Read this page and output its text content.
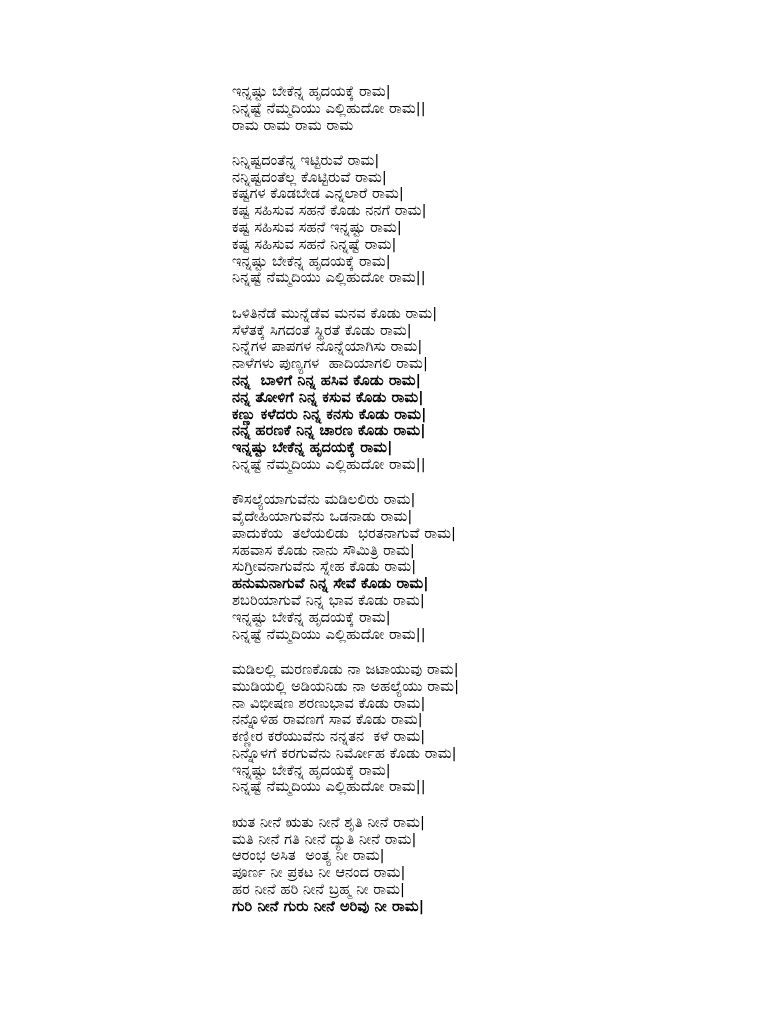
ಇನ್ನಷ್ಟು ಬೇಕೆನ್ನ ಹೃದಯಕ್ಕೆ ರಾಮ|
ನಿನ್ನಷ್ಟೆ ನೆಮ್ಮದಿಯು ಎಲ್ಲಿಹುದೋ ರಾಮ||
ರಾಮ ರಾಮ ರಾಮ ರಾಮ
ನಿನ್ನಿಷ್ಟದಂತೆನ್ನ ಇಟ್ಟಿರುವೆ ರಾಮ|
ನನ್ನಿಷ್ಟದಂತೆಲ್ಲ ಕೊಟ್ಟಿರುವೆ ರಾಮ|
ಕಷ್ಟಗಳ ಕೊಡಬೇಡ ಎನ್ನಲಾರೆ ರಾಮ|
ಕಷ್ಟ ಸಹಿಸುವ ಸಹನೆ ಕೊಡು ನನಗೆ ರಾಮ|
ಕಷ್ಟ ಸಹಿಸುವ ಸಹನೆ ಇನ್ನಷ್ಟು ರಾಮ|
ಕಷ್ಟ ಸಹಿಸುವ ಸಹನೆ ನಿನ್ನಷ್ಟೆ ರಾಮ|
ಇನ್ನಷ್ಟು ಬೇಕೆನ್ನ ಹೃದಯಕ್ಕೆ ರಾಮ|
ನಿನ್ನಷ್ಟೆ ನೆಮ್ಮದಿಯು ಎಲ್ಲಿಹುದೋ ರಾಮ||
ಒಳಿತಿನೆಡೆ ಮುನ್ನೆಡೆವ ಮನವ ಕೊಡು ರಾಮ|
ಸೆಳೆತಕ್ಕೆ ಸಿಗದಂತೆ ಸ್ಥಿರತೆ ಕೊಡು ರಾಮ|
ನಿನ್ನೆಗಳ ಪಾಪಗಳ ನೊನ್ನೆಯಾಗಿಸು ರಾಮ|
ನಾಳೆಗಳು ಪುಣ್ಯಗಳ  ಹಾದಿಯಾಗಲಿ ರಾಮ|
ನನ್ನ  ಬಾಳಿಗೆ ನಿನ್ನ ಹಸಿವ ಕೊಡು ರಾಮ|
ನನ್ನ ತೋಳಿಗೆ ನಿನ್ನ ಕಸುವ ಕೊಡು ರಾಮ|
ಕಣ್ಣು ಕಳೆದರು ನಿನ್ನ ಕನಸು ಕೊಡು ರಾಮ|
ನನ್ನ ಹರಣಕೆ ನಿನ್ನ ಚಾರಣ ಕೊಡು ರಾಮ|
ಇನ್ನಷ್ಟು ಬೇಕೆನ್ನ ಹೃದಯಕ್ಕೆ ರಾಮ|
ನಿನ್ನಷ್ಟೆ ನೆಮ್ಮದಿಯು ಎಲ್ಲಿಹುದೋ ರಾಮ||
ಕೌಸಲ್ಯೆಯಾಗುವೆನು ಮಡಿಲಲಿರು ರಾಮ|
ವೈದೇಹಿಯಾಗುವೆನು ಒಡನಾಡು ರಾಮ|
ಪಾದುಕೆಯ  ತಲೆಯಲಿಡು  ಭರತನಾಗುವೆ ರಾಮ|
ಸಹವಾಸ ಕೊಡು ನಾನು ಸೌಮಿತ್ರಿ ರಾಮ|
ಸುಗ್ರೀವನಾಗುವೆನು ಸ್ನೇಹ ಕೊಡು ರಾಮ|
ಹನುಮನಾಗುವೆ ನಿನ್ನ ಸೇವೆ ಕೊಡು ರಾಮ|
ಶಬರಿಯಾಗುವೆ ನಿನ್ನ ಭಾವ ಕೊಡು ರಾಮ|
ಇನ್ನಷ್ಟು ಬೇಕೆನ್ನ ಹೃದಯಕ್ಕೆ ರಾಮ|
ನಿನ್ನಷ್ಟೆ ನೆಮ್ಮದಿಯು ಎಲ್ಲಿಹುದೋ ರಾಮ||
ಮಡಿಲಲ್ಲಿ ಮರಣಕೊಡು ನಾ ಜಟಾಯುವು ರಾಮ|
ಮುಡಿಯಲ್ಲಿ ಅಡಿಯನಿಡು ನಾ ಅಹಲ್ಯೆಯು ರಾಮ|
ನಾ ವಿಭೀಷಣ ಶರಣುಭಾವ ಕೊಡು ರಾಮ|
ನನ್ನೊಳಿಹ ರಾವಣಗೆ ಸಾವ ಕೊಡು ರಾಮ|
ಕಣ್ಣೀರ ಕರೆಯುವೆನು ನನ್ನತನ  ಕಳೆ ರಾಮ|
ನಿನ್ನೊಳಗೆ ಕರಗುವೆನು ನಿರ್ಮೋಹ ಕೊಡು ರಾಮ|
ಇನ್ನಷ್ಟು ಬೇಕೆನ್ನ ಹೃದಯಕ್ಕೆ ರಾಮ|
ನಿನ್ನಷ್ಟೆ ನೆಮ್ಮದಿಯು ಎಲ್ಲಿಹುದೋ ರಾಮ||
ಋತ ನೀನೆ ಋತು ನೀನೆ ಶೃತಿ ನೀನೆ ರಾಮ|
ಮತಿ ನೀನೆ ಗತಿ ನೀನೆ ದ್ಯುತಿ ನೀನೆ ರಾಮ|
ಆರಂಭ ಅಸಿತ  ಅಂತ್ಯ ನೀ ರಾಮ|
ಪೂರ್ಣ ನೀ ಪ್ರಕಟ ನೀ ಆನಂದ ರಾಮ|
ಹರ ನೀನೆ ಹರಿ ನೀನೆ ಬ್ರಹ್ಮ ನೀ ರಾಮ|
ಗುರಿ ನೀನೆ ಗುರು ನೀನೆ ಅರಿವು ನೀ ರಾಮ|
